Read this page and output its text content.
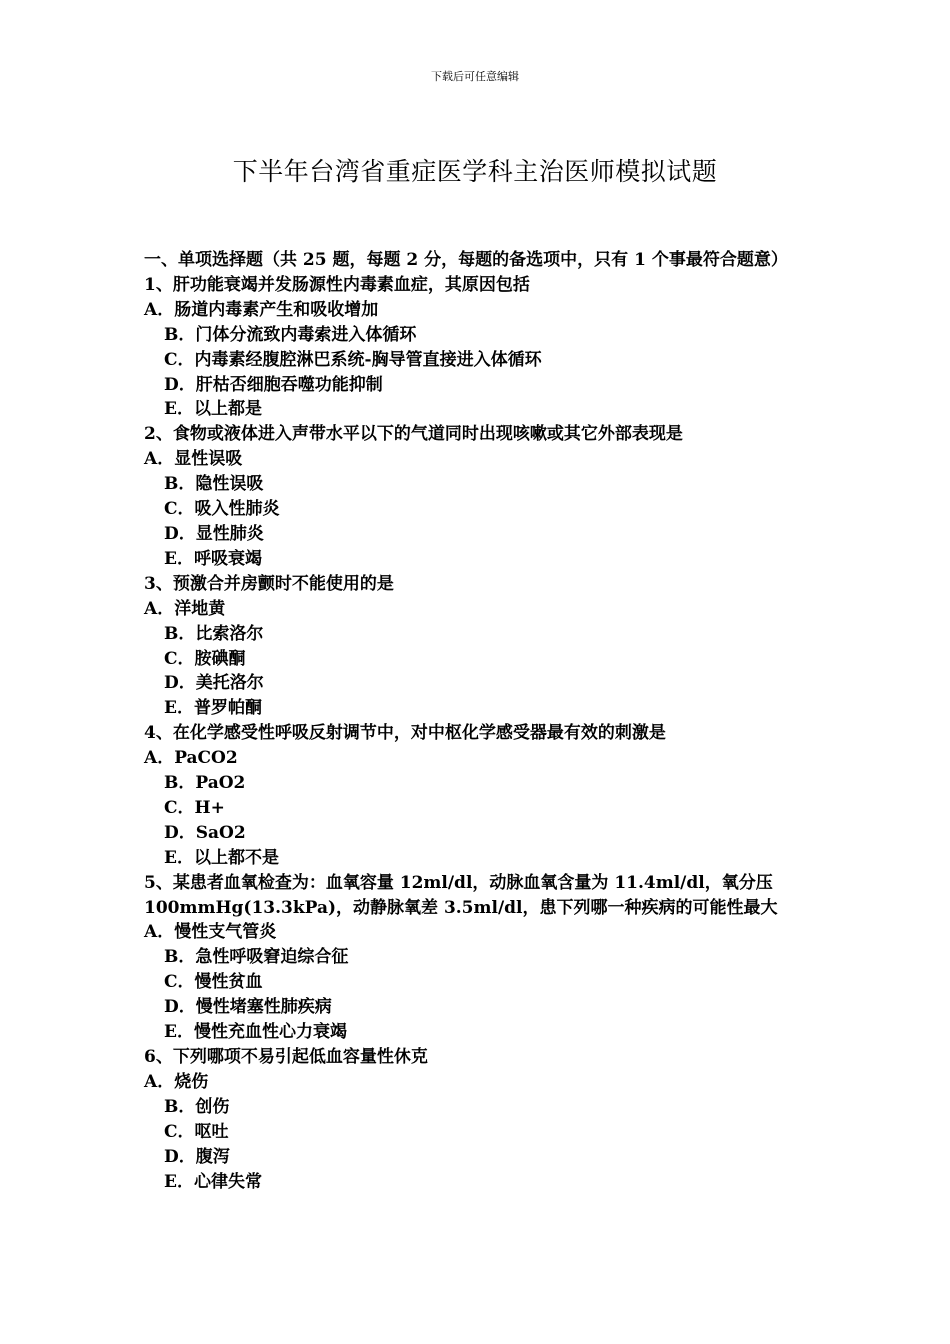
下载后可任意编辑
下半年台湾省重症医学科主治医师模拟试题
一、单项选择题（共 25 题，每题 2 分，每题的备选项中，只有 1 个事最符合题意）
1、肝功能衰竭并发肠源性内毒素血症，其原因包括
A．肠道内毒素产生和吸收增加
B．门体分流致内毒索进入体循环
C．内毒素经腹腔淋巴系统-胸导管直接进入体循环
D．肝枯否细胞吞噬功能抑制
E．以上都是
2、食物或液体进入声带水平以下的气道同时出现咳嗽或其它外部表现是
A．显性误吸
B．隐性误吸
C．吸入性肺炎
D．显性肺炎
E．呼吸衰竭
3、预激合并房颤时不能使用的是
A．洋地黄
B．比索洛尔
C．胺碘酮
D．美托洛尔
E．普罗帕酮
4、在化学感受性呼吸反射调节中，对中枢化学感受器最有效的刺激是
A．PaCO2
B．PaO2
C．H+
D．SaO2
E．以上都不是
5、某患者血氧检查为：血氧容量 12ml/dl，动脉血氧含量为 11.4ml/dl，氧分压 100mmHg(13.3kPa)，动静脉氧差 3.5ml/dl，患下列哪一种疾病的可能性最大
A．慢性支气管炎
B．急性呼吸窘迫综合征
C．慢性贫血
D．慢性堵塞性肺疾病
E．慢性充血性心力衰竭
6、下列哪项不易引起低血容量性休克
A．烧伤
B．创伤
C．呕吐
D．腹泻
E．心律失常
